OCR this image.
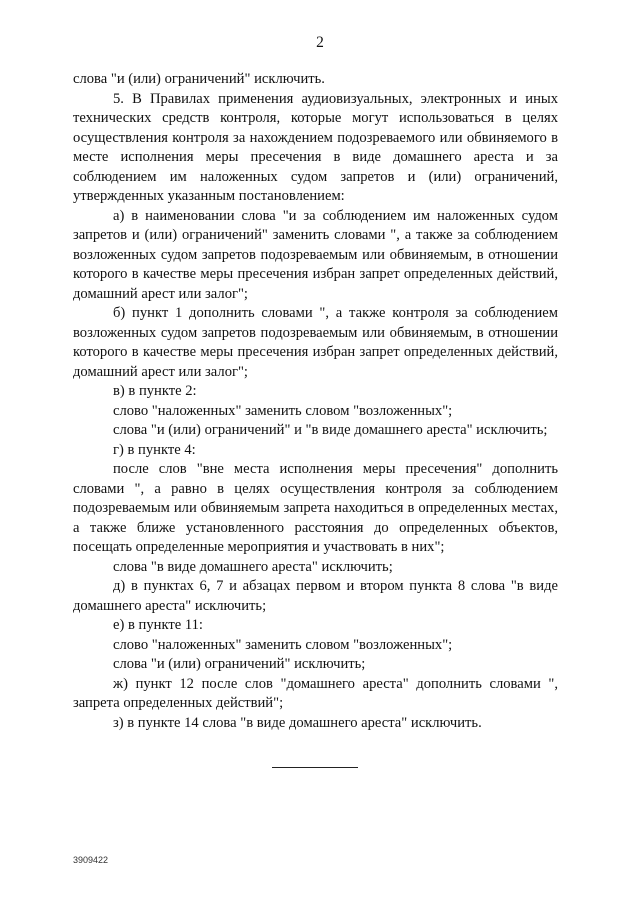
2

слова "и (или) ограничений" исключить.

5. В Правилах применения аудиовизуальных, электронных и иных технических средств контроля, которые могут использоваться в целях осуществления контроля за нахождением подозреваемого или обвиняемого в месте исполнения меры пресечения в виде домашнего ареста и за соблюдением им наложенных судом запретов и (или) ограничений, утвержденных указанным постановлением:

а) в наименовании слова "и за соблюдением им наложенных судом запретов и (или) ограничений" заменить словами ", а также за соблюдением возложенных судом запретов подозреваемым или обвиняемым, в отношении которого в качестве меры пресечения избран запрет определенных действий, домашний арест или залог";

б) пункт 1 дополнить словами ", а также контроля за соблюдением возложенных судом запретов подозреваемым или обвиняемым, в отношении которого в качестве меры пресечения избран запрет определенных действий, домашний арест или залог";

в) в пункте 2:

слово "наложенных" заменить словом "возложенных";

слова "и (или) ограничений" и "в виде домашнего ареста" исключить;

г) в пункте 4:

после слов "вне места исполнения меры пресечения" дополнить словами ", а равно в целях осуществления контроля за соблюдением подозреваемым или обвиняемым запрета находиться в определенных местах, а также ближе установленного расстояния до определенных объектов, посещать определенные мероприятия и участвовать в них";

слова "в виде домашнего ареста" исключить;

д) в пунктах 6, 7 и абзацах первом и втором пункта 8 слова "в виде домашнего ареста" исключить;

е) в пункте 11:

слово "наложенных" заменить словом "возложенных";

слова "и (или) ограничений" исключить;

ж) пункт 12 после слов "домашнего ареста" дополнить словами ", запрета определенных действий";

з) в пункте 14 слова "в виде домашнего ареста" исключить.

3909422
